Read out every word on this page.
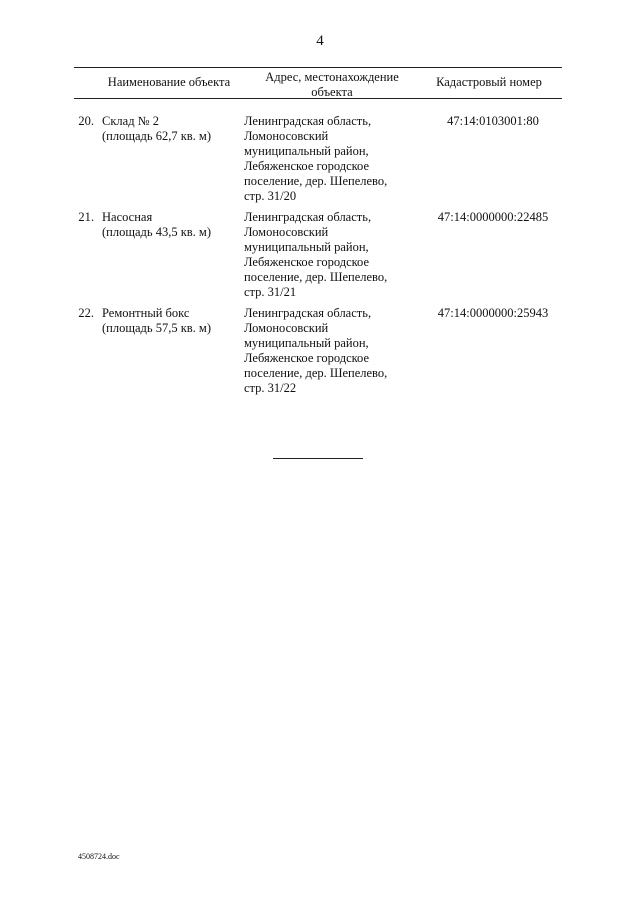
4
Наименование объекта	Адрес, местонахождение
объекта
Кадастровый номер
20. Склад № 2
(площадь 62,7 кв. м)
Ленинградская область,
Ломоносовский
муниципальный район,
Лебяженское городское
поселение, дер. Шепелево,
стр. 31/20
47:14:0103001:80
21. Насосная
(площадь 43,5 кв. м)
Ленинградская область,
Ломоносовский
муниципальный район,
Лебяженское городское
поселение, дер. Шепелево,
стр. 31/21
47:14:0000000:22485
22. Ремонтный бокс
(площадь 57,5 кв. м)
Ленинградская область,
Ломоносовский
муниципальный район,
Лебяженское городское
поселение, дер. Шепелево,
стр. 31/22
47:14:0000000:25943
4508724.doc
